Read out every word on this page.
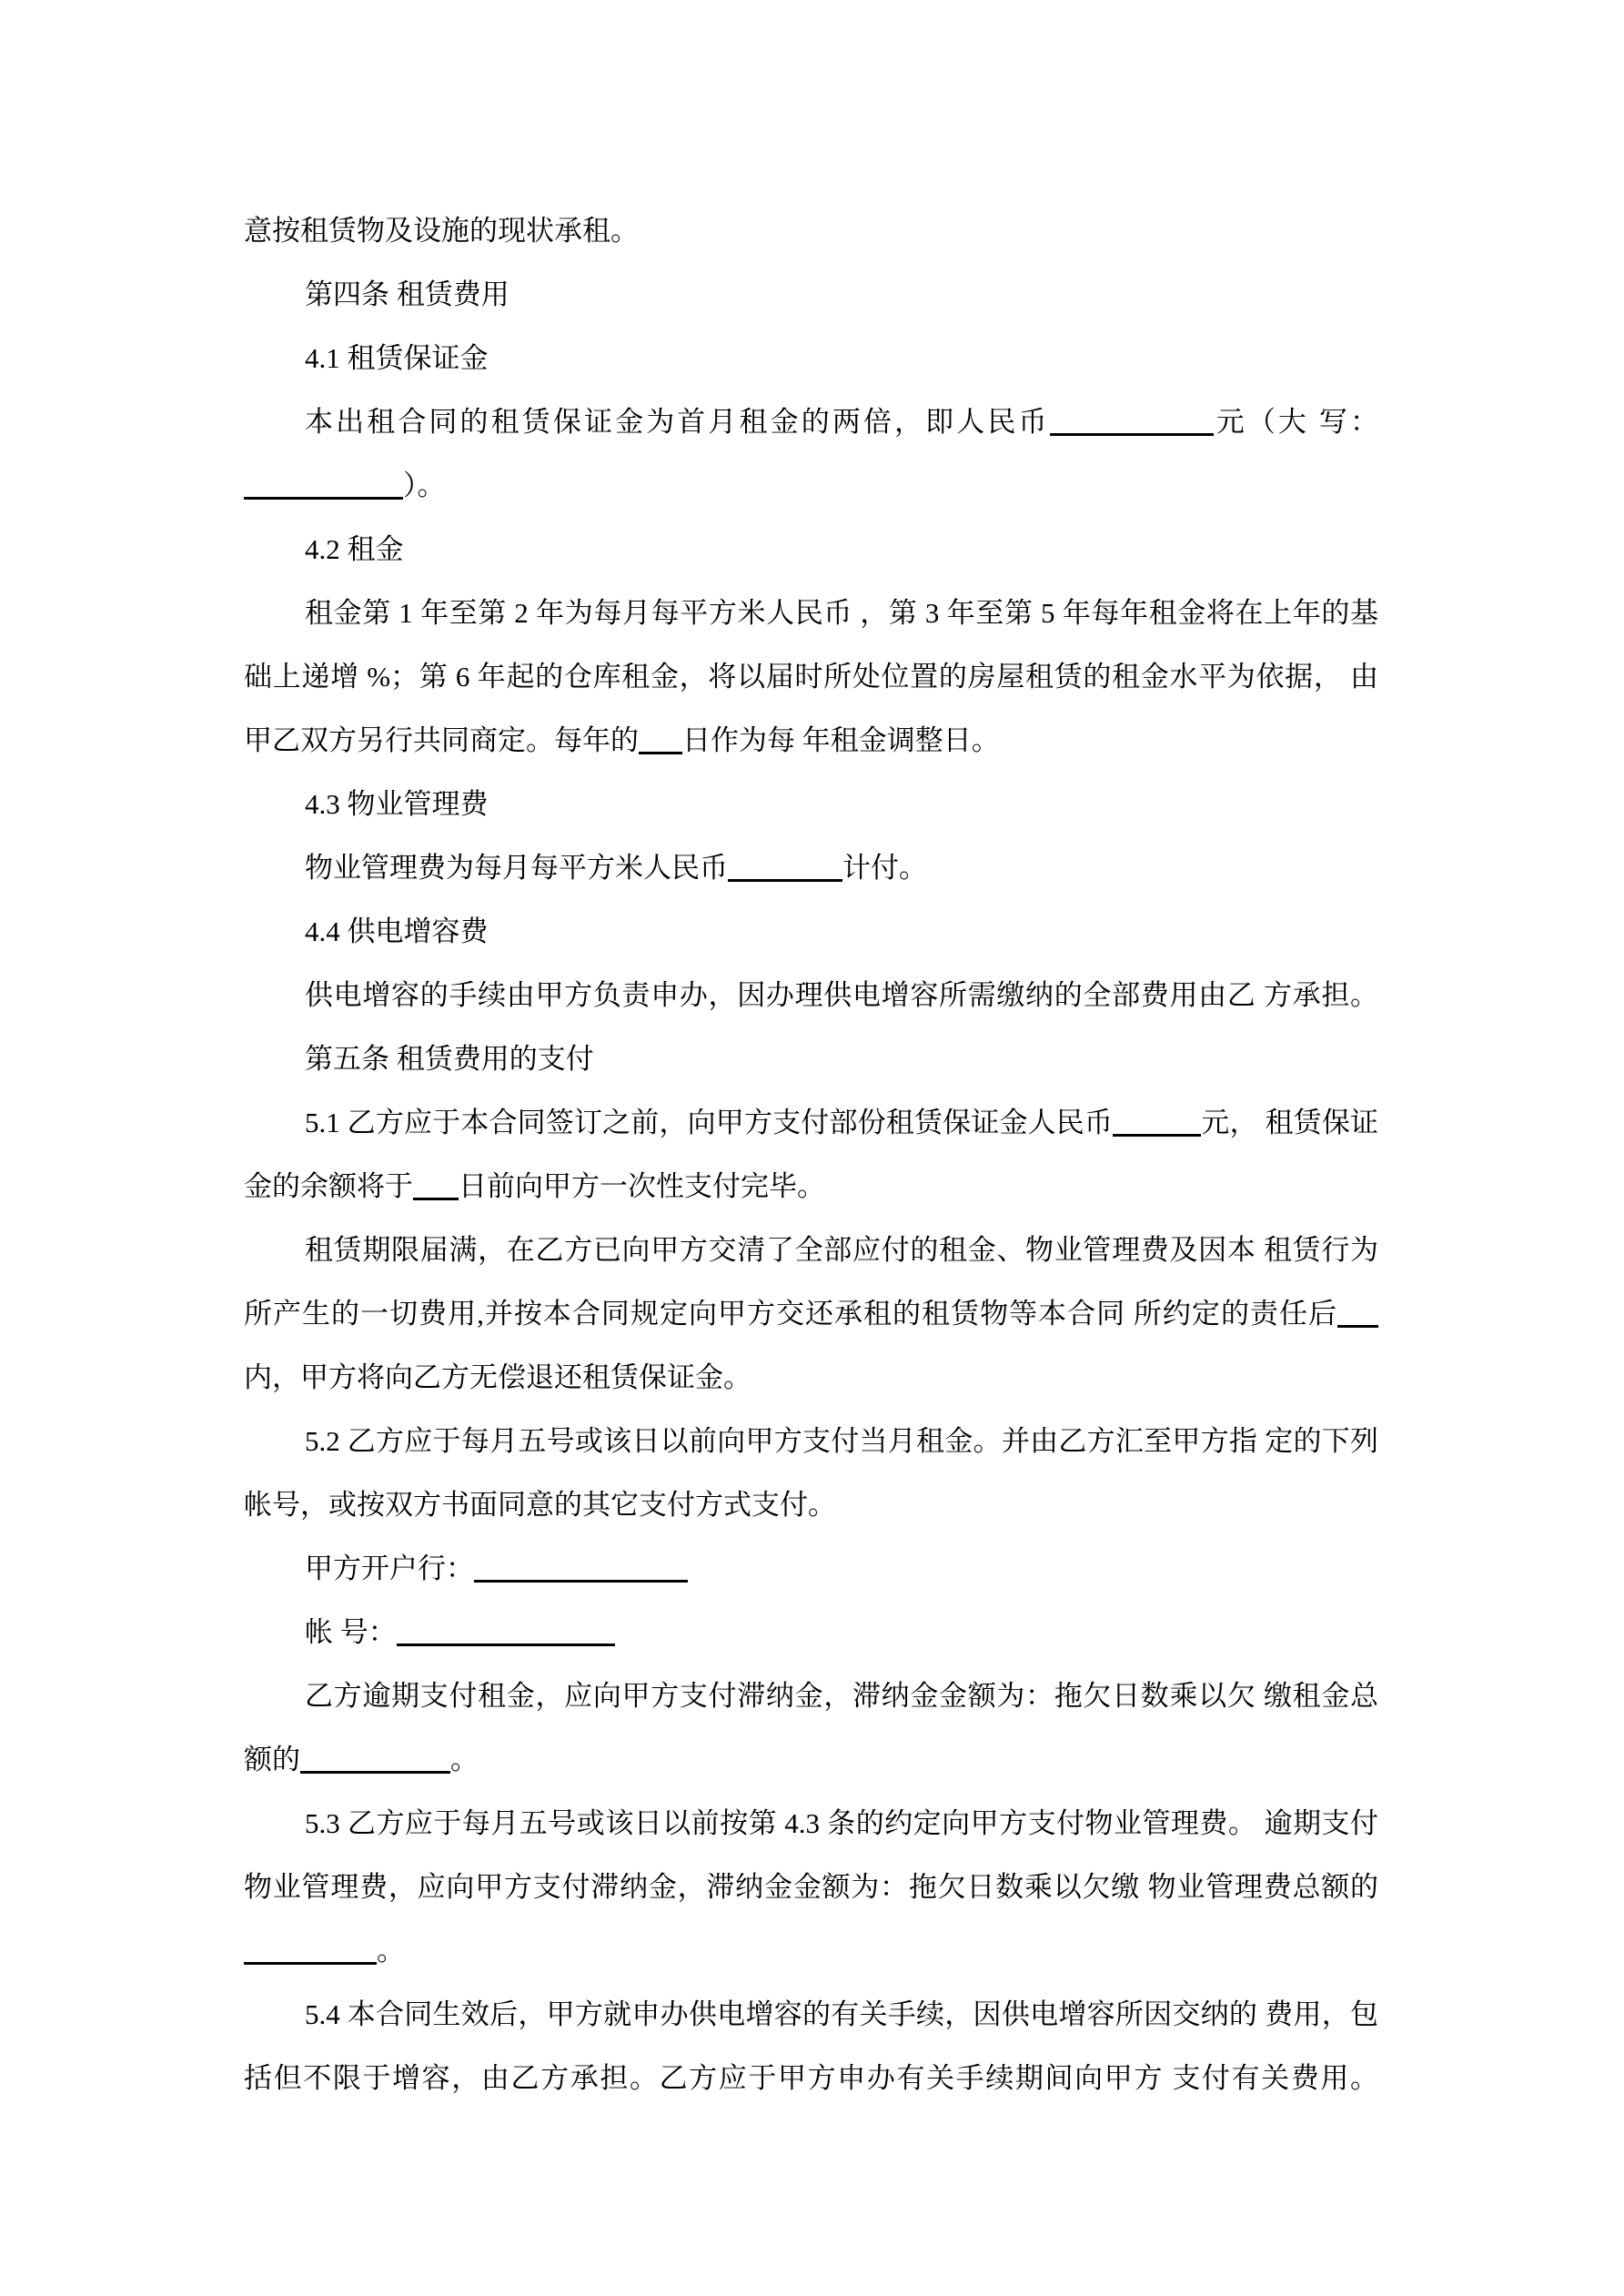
意按租赁物及设施的现状承租。
第四条 租赁费用
4.1 租赁保证金
本出租合同的租赁保证金为首月租金的两倍，即人民币	元（大 写：
）。
4.2 租金
租金第 1 年至第 2 年为每月每平方米人民币 ，第 3 年至第 5 年每年租金将在上年的基
础上递增 %；第 6 年起的仓库租金，将以届时所处位置的房屋租赁的租金水平为依据， 由
甲乙双方另行共同商定。每年的 日作为每 年租金调整日。
4.3 物业管理费
物业管理费为每月每平方米人民币	计付。
4.4 供电增容费
供电增容的手续由甲方负责申办，因办理供电增容所需缴纳的全部费用由乙 方承担。
第五条 租赁费用的支付
5.1 乙方应于本合同签订之前，向甲方支付部份租赁保证金人民币	元， 租赁保证
金的余额将于 日前向甲方一次性支付完毕。
租赁期限届满，在乙方已向甲方交清了全部应付的租金、物业管理费及因本 租赁行为
所产生的一切费用,并按本合同规定向甲方交还承租的租赁物等本合同 所约定的责任后
内，甲方将向乙方无偿退还租赁保证金。
5.2 乙方应于每月五号或该日以前向甲方支付当月租金。并由乙方汇至甲方指 定的下列
帐号，或按双方书面同意的其它支付方式支付。
甲方开户行：
帐 号：
乙方逾期支付租金，应向甲方支付滞纳金，滞纳金金额为：拖欠日数乘以欠 缴租金总
额的	。
5.3 乙方应于每月五号或该日以前按第 4.3 条的约定向甲方支付物业管理费。 逾期支付
物业管理费，应向甲方支付滞纳金，滞纳金金额为：拖欠日数乘以欠缴 物业管理费总额的
。
5.4 本合同生效后，甲方就申办供电增容的有关手续，因供电增容所因交纳的 费用，包
括但不限于增容，由乙方承担。乙方应于甲方申办有关手续期间向甲方 支付有关费用。
